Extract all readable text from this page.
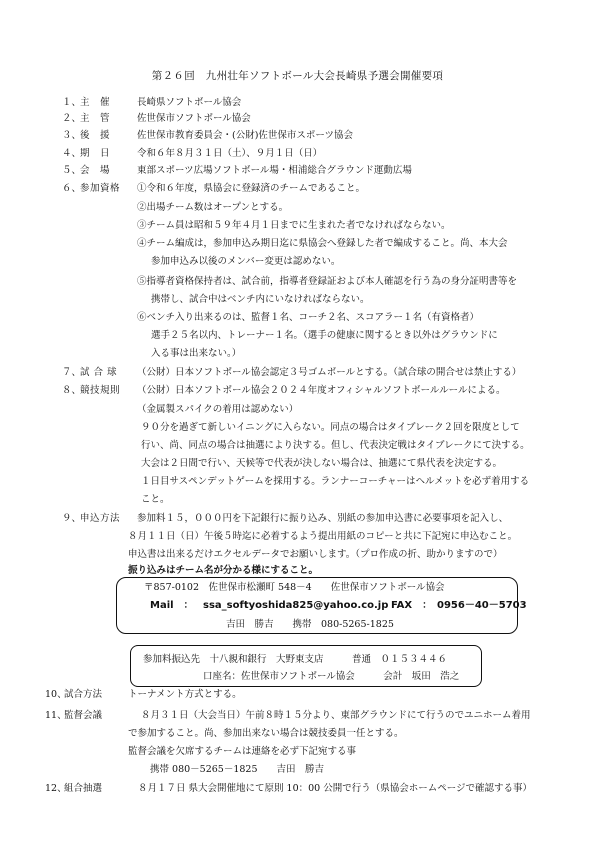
第２６回　九州壮年ソフトボール大会長崎県予選会開催要項
１、
主　催	長崎県ソフトボール協会
２、
主　管	佐世保市ソフトボール協会
３、
後　援	佐世保市教育委員会・(公財)佐世保市スポーツ協会
４、
期　日	令和６年８月３１日（土）、９月１日（日）
５、
会　場	東部スポーツ広場ソフトボール場・相浦総合グラウンド運動広場
６、
参加資格 ①令和６年度，県協会に登録済のチームであること。
②出場チーム数はオープンとする。
③チーム員は昭和５９年４月１日までに生まれた者でなければならない。
④チーム編成は，参加申込み期日迄に県協会へ登録した者で編成すること。尚、本大会
参加申込み以後のメンバー変更は認めない。
⑤指導者資格保持者は、試合前，指導者登録証および本人確認を行う為の身分証明書等を
携帯し、試合中はベンチ内にいなければならない。
⑥ベンチ入り出来るのは、監督１名、コーチ２名、スコアラー１名（有資格者）
選手２５名以内、トレーナー１名。（選手の健康に関するとき以外はグラウンドに
入る事は出来ない。）
７、
試 合 球 （公財）日本ソフトボール協会認定３号ゴムボールとする。（試合球の開合せは禁止する）
８、
競技規則 （公財）日本ソフトボール協会２０２４年度オフィシャルソフトボールルールによる。
（金属製スパイクの着用は認めない）
９０分を過ぎて新しいイニングに入らない。同点の場合はタイブレーク２回を限度として
行い、尚、同点の場合は抽選により決する。但し、代表決定戦はタイブレークにて決する。
大会は２日間で行い、天候等で代表が決しない場合は、抽選にて県代表を決定する。
１日目サスペンデットゲームを採用する。ランナーコーチャーはヘルメットを必ず着用する
こと。
９、
申込方法 参加料１５，０００円を下記銀行に振り込み、別紙の参加申込書に必要事項を記入し、
８月１１日（日）午後５時迄に必着するよう提出用紙のコピーと共に下記宛に申込むこと。
申込書は出来るだけエクセルデータでお願いします。（プロ作成の折、助かりますので）
振り込みはチーム名が分かる様にすること。
〒857-0102　佐世保市松瀬町 548－4　　佐世保市ソフトボール協会
Mail　： ssa_softyoshida825@yahoo.co.jp FAX　： 0956－40－5703
吉田　勝吉　　携帯　080-5265-1825
参加料振込先　十八親和銀行　大野東支店　　　普通　０１５３４４６
口座名：佐世保市ソフトボール協会　　　会計　坂田　浩之
10、
試合方法	トーナメント方式とする。
11、
監督会議	８月３１日（大会当日）午前８時１５分より、東部グラウンドにて行うのでユニホーム着用
で参加すること。尚、参加出来ない場合は競技委員一任とする。
監督会議を欠席するチームは連絡を必ず下記宛する事
携帯 080－5265－1825　　吉田　勝吉
12、
組合抽選	８月１７日 県大会開催地にて原則 10：00 公開で行う（県協会ホームページで確認する事）
